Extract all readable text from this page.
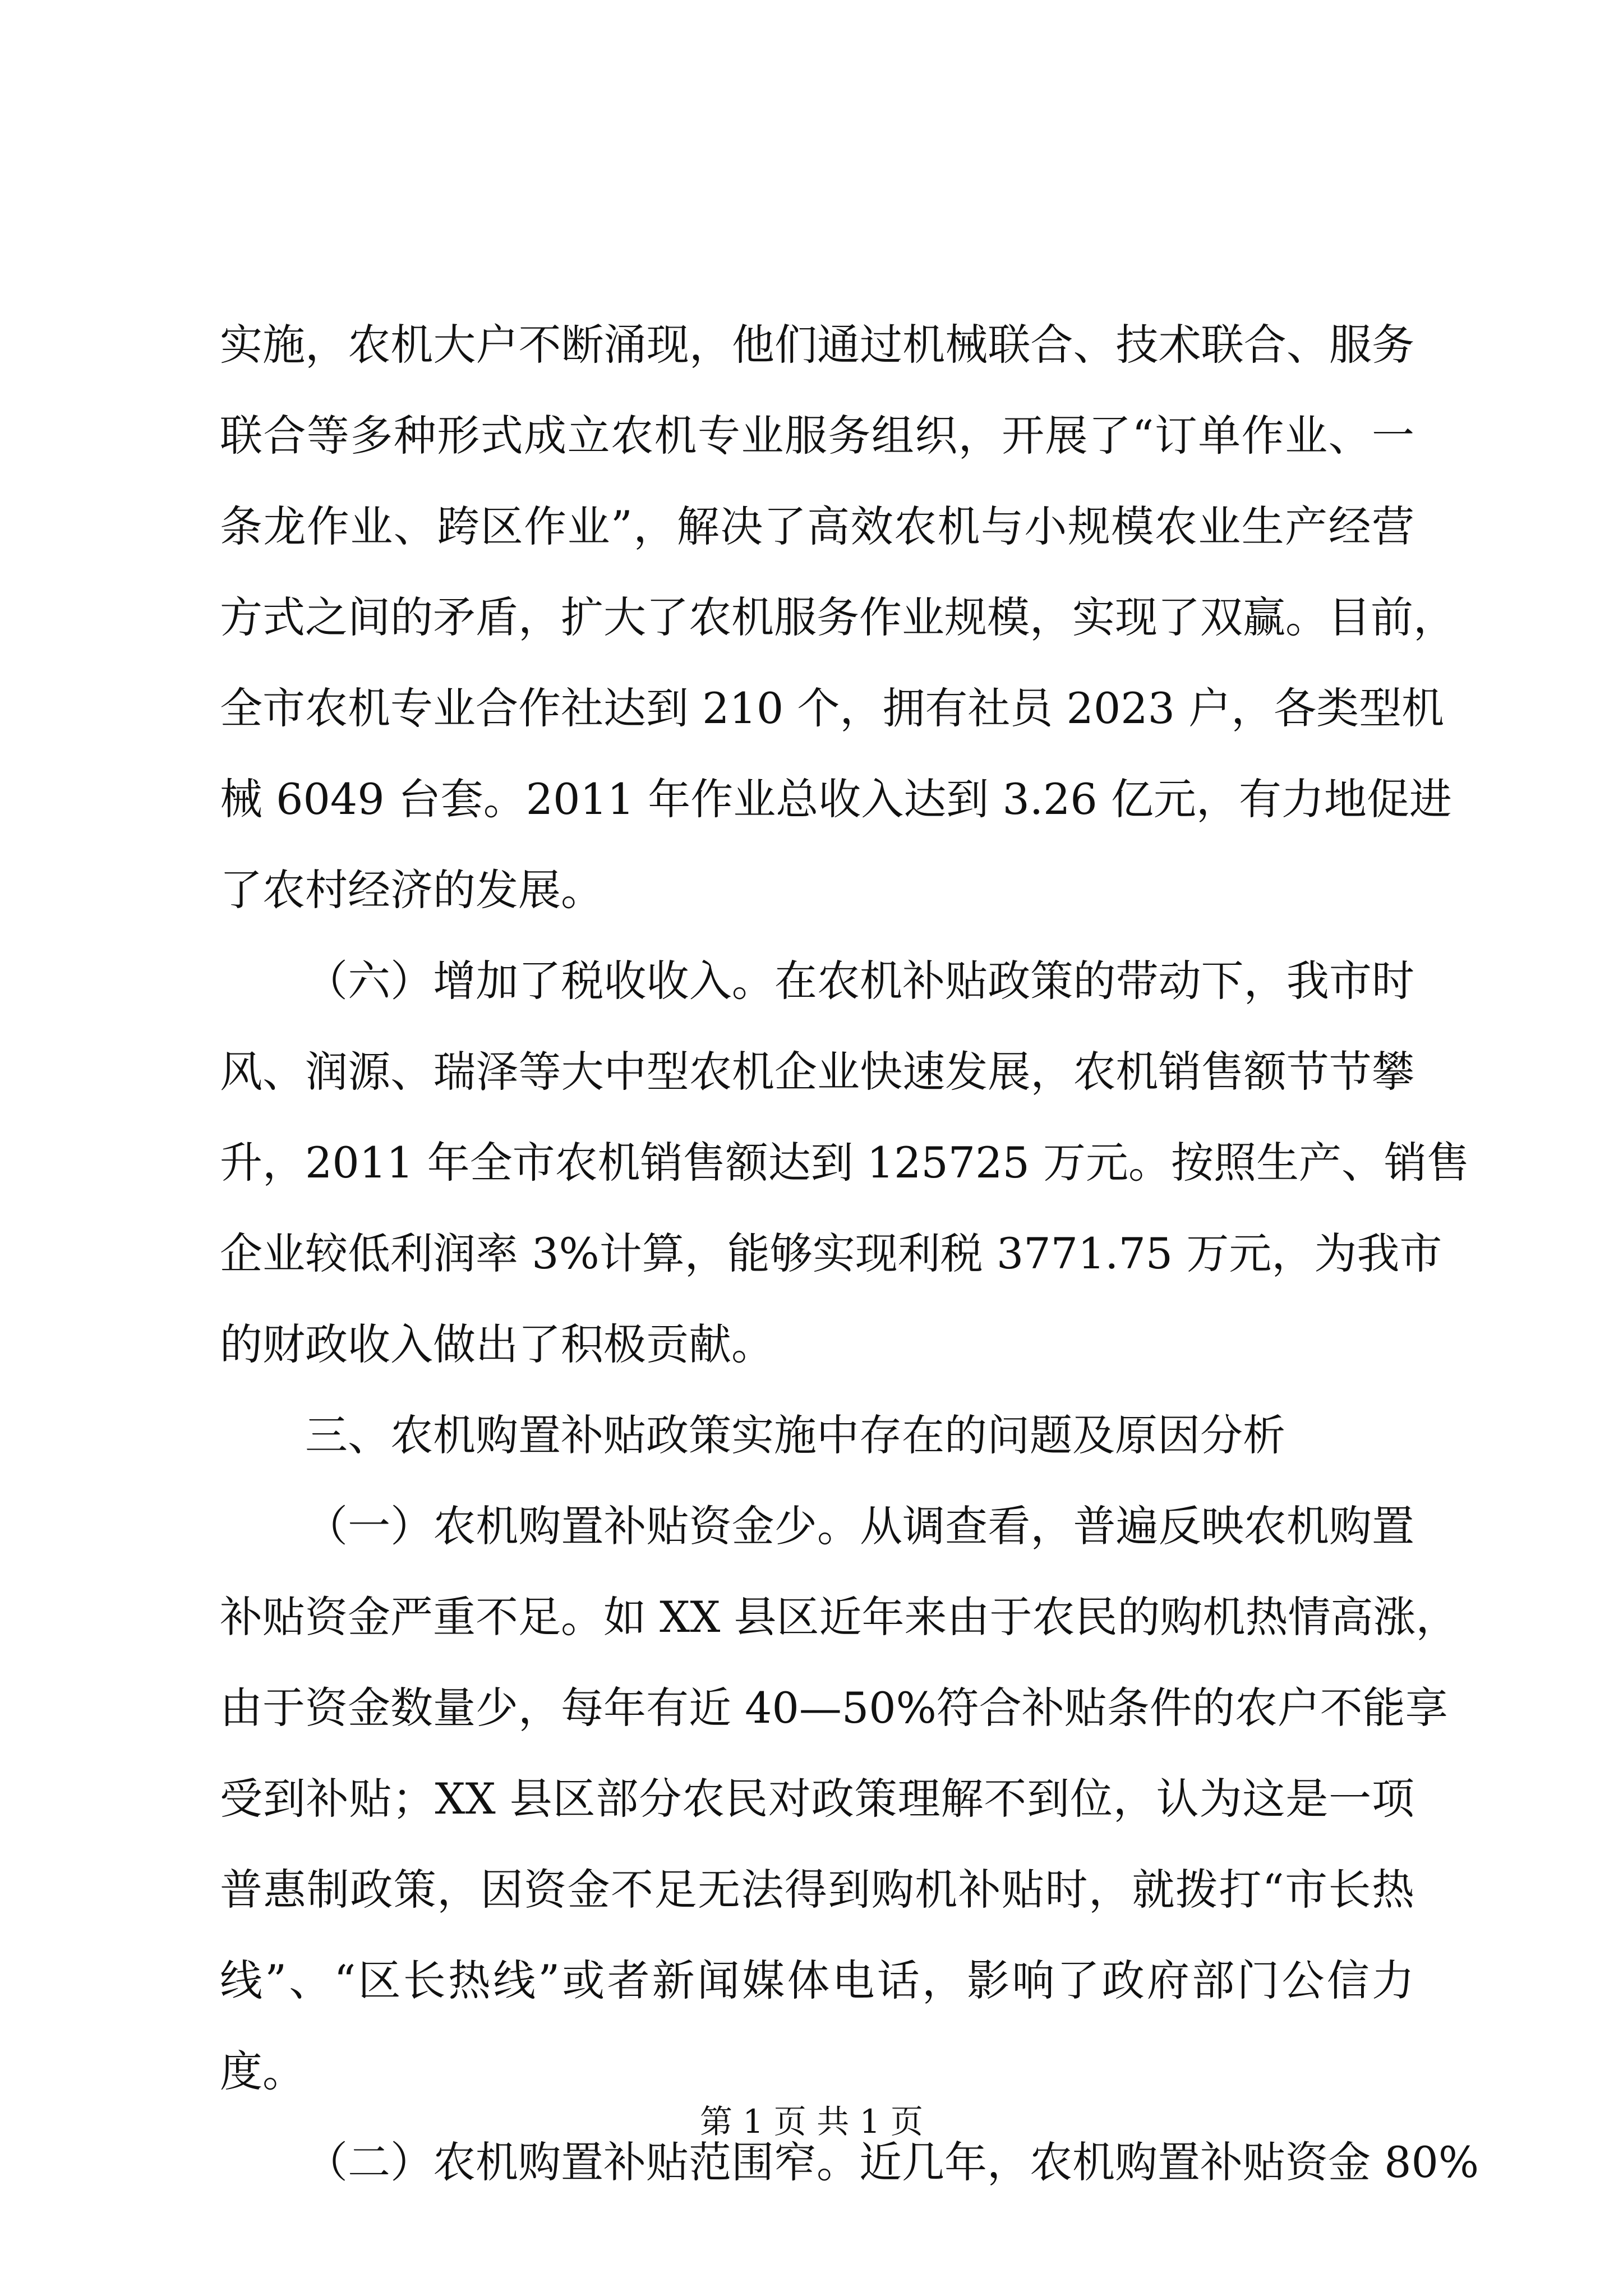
实施，农机大户不断涌现，他们通过机械联合、技术联合、服务
联合等多种形式成立农机专业服务组织，开展了“订单作业、一
条龙作业、跨区作业”，解决了高效农机与小规模农业生产经营
方式之间的矛盾，扩大了农机服务作业规模，实现了双赢。目前，
全市农机专业合作社达到 210 个，拥有社员 2023 户，各类型机
械 6049 台套。2011 年作业总收入达到 3.26 亿元，有力地促进
了农村经济的发展。
（六）增加了税收收入。在农机补贴政策的带动下，我市时
风、润源、瑞泽等大中型农机企业快速发展，农机销售额节节攀
升，2011 年全市农机销售额达到 125725 万元。按照生产、销售
企业较低利润率 3%计算，能够实现利税 3771.75 万元，为我市
的财政收入做出了积极贡献。
三、农机购置补贴政策实施中存在的问题及原因分析
（一）农机购置补贴资金少。从调查看，普遍反映农机购置
补贴资金严重不足。如 XX 县区近年来由于农民的购机热情高涨，
由于资金数量少，每年有近 40—50%符合补贴条件的农户不能享
受到补贴；XX 县区部分农民对政策理解不到位，认为这是一项
普惠制政策，因资金不足无法得到购机补贴时，就拨打“市长热
线”、“区长热线”或者新闻媒体电话，影响了政府部门公信力
度。
（二）农机购置补贴范围窄。近几年，农机购置补贴资金 80%
第 1 页 共 1 页
